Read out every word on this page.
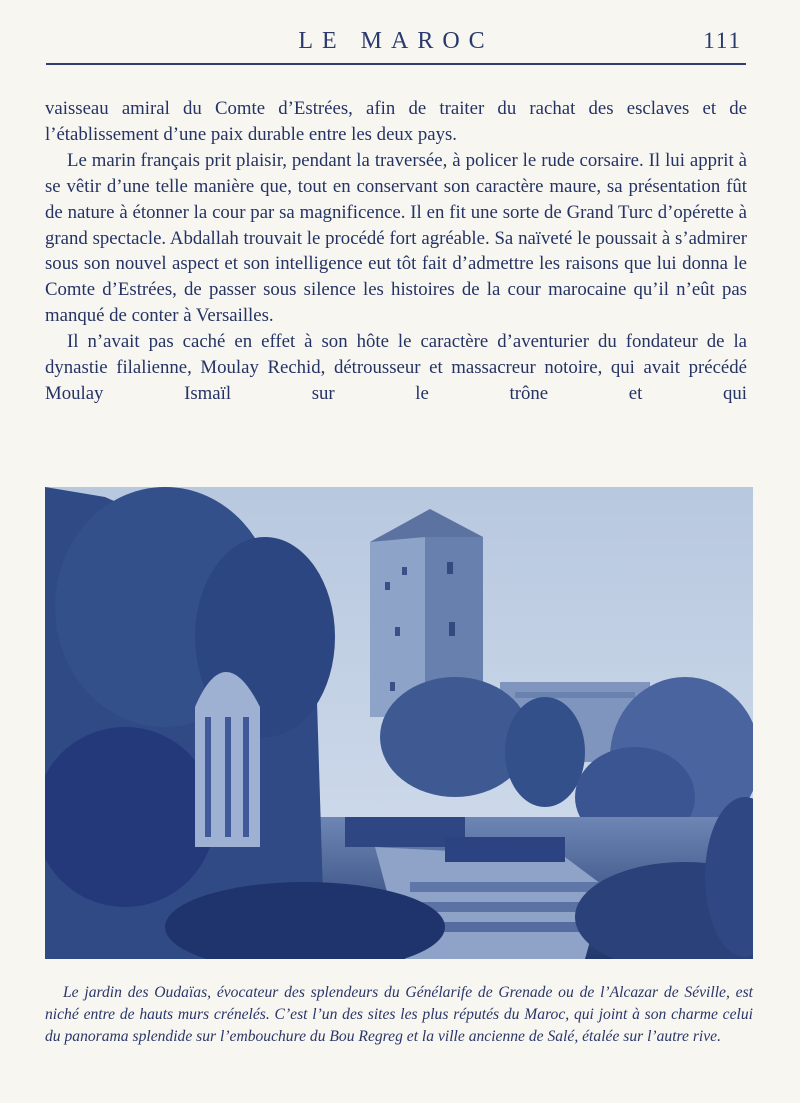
LE MAROC	111

vaisseau amiral du Comte d’Estrées, afin de traiter du rachat des esclaves et de l’établissement d’une paix durable entre les deux pays.

Le marin français prit plaisir, pendant la traversée, à policer le rude corsaire. Il lui apprit à se vêtir d’une telle manière que, tout en conservant son caractère maure, sa présentation fût de nature à étonner la cour par sa magnificence. Il en fit une sorte de Grand Turc d’opérette à grand spectacle. Abdallah trouvait le procédé fort agréable. Sa naïveté le poussait à s’admirer sous son nouvel aspect et son intelligence eut tôt fait d’admettre les raisons que lui donna le Comte d’Estrées, de passer sous silence les histoires de la cour marocaine qu’il n’eût pas manqué de conter à Versailles.

Il n’avait pas caché en effet à son hôte le caractère d’aventurier du fondateur de la dynastie filalienne, Moulay Rechid, détrousseur et massacreur notoire, qui avait précédé Moulay Ismaïl sur le trône et qui

Le jardin des Oudaïas, évocateur des splendeurs du Génélarife de Grenade ou de l’Alcazar de Séville, est niché entre de hauts murs crénelés. C’est l’un des sites les plus réputés du Maroc, qui joint à son charme celui du panorama splendide sur l’embouchure du Bou Regreg et la ville ancienne de Salé, étalée sur l’autre rive.
